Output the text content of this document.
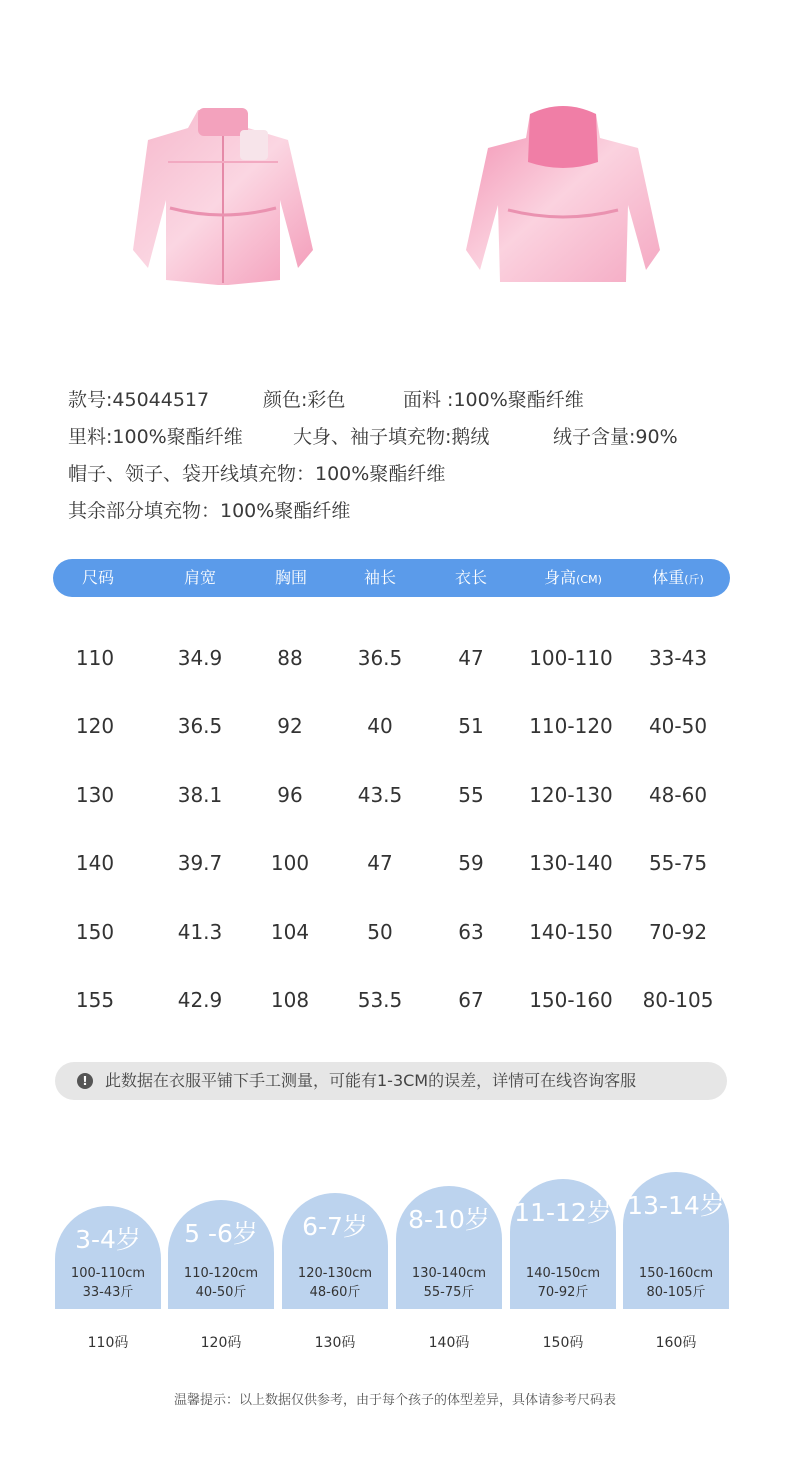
款号:45044517	颜色:彩色	面料 :100%聚酯纤维
里料:100%聚酯纤维	大身、袖子填充物:鹅绒	绒子含量:90%
帽子、领子、袋开线填充物：100%聚酯纤维
其余部分填充物：100%聚酯纤维
尺码	肩宽	胸围	袖长	衣长	身高(CM)	体重(斤)
110	34.9	88	36.5	47	100-110	33-43
120	36.5	92	40	51	110-120	40-50
130	38.1	96	43.5	55	120-130	48-60
140	39.7	100	47	59	130-140	55-75
150	41.3	104	50	63	140-150	70-92
155	42.9	108	53.5	67	150-160	80-105
!	此数据在衣服平铺下手工测量，可能有1-3CM的误差，详情可在线咨询客服
3-4岁
100-110cm
33-43斤
110码
5 -6岁
110-120cm
40-50斤
120码
6-7岁
120-130cm
48-60斤
130码
8-10岁
130-140cm
55-75斤
140码
11-12岁
140-150cm
70-92斤
150码
13-14岁
150-160cm
80-105斤
160码
温馨提示：以上数据仅供参考，由于每个孩子的体型差异，具体请参考尺码表
